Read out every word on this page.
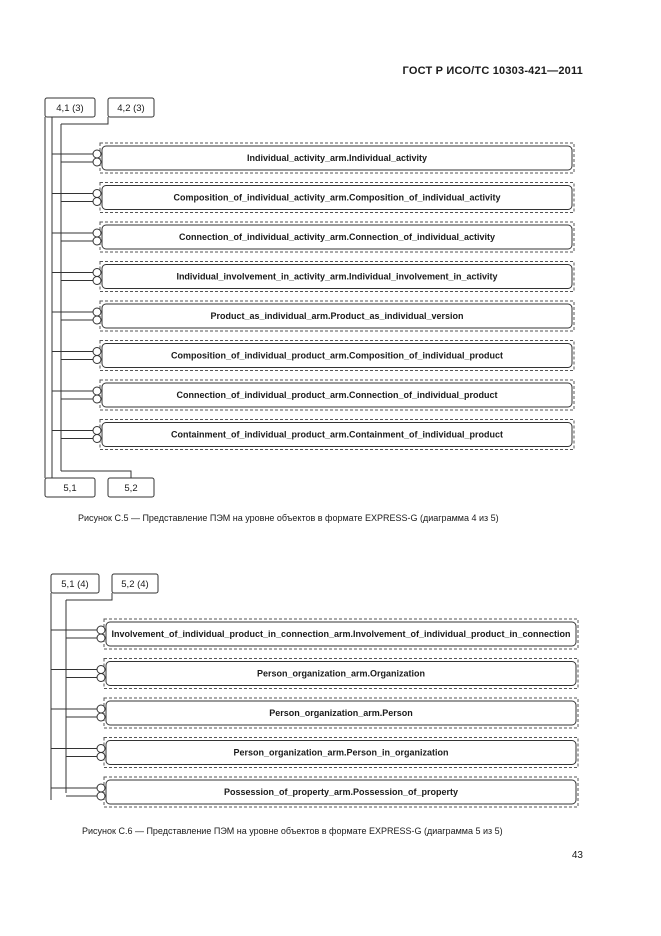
ГОСТ Р ИСО/ТС 10303-421—2011
Individual_activity_arm.Individual_activity
Composition_of_individual_activity_arm.Composition_of_individual_activity
Connection_of_individual_activity_arm.Connection_of_individual_activity
Individual_involvement_in_activity_arm.Individual_involvement_in_activity
Product_as_individual_arm.Product_as_individual_version
Composition_of_individual_product_arm.Composition_of_individual_product
Connection_of_individual_product_arm.Connection_of_individual_product
Containment_of_individual_product_arm.Containment_of_individual_product
4,1 (3)	4,2 (3)
5,1	5,2
Involvement_of_individual_product_in_connection_arm.Involvement_of_individual_product_in_connection
Person_organization_arm.Organization
Person_organization_arm.Person
Person_organization_arm.Person_in_organization
Possession_of_property_arm.Possession_of_property
5,1 (4)	5,2 (4)
Рисунок С.5 — Представление ПЭМ на уровне объектов в формате EXPRESS-G (диаграмма 4 из 5)
Рисунок С.6 — Представление ПЭМ на уровне объектов в формате EXPRESS-G (диаграмма 5 из 5)
43
